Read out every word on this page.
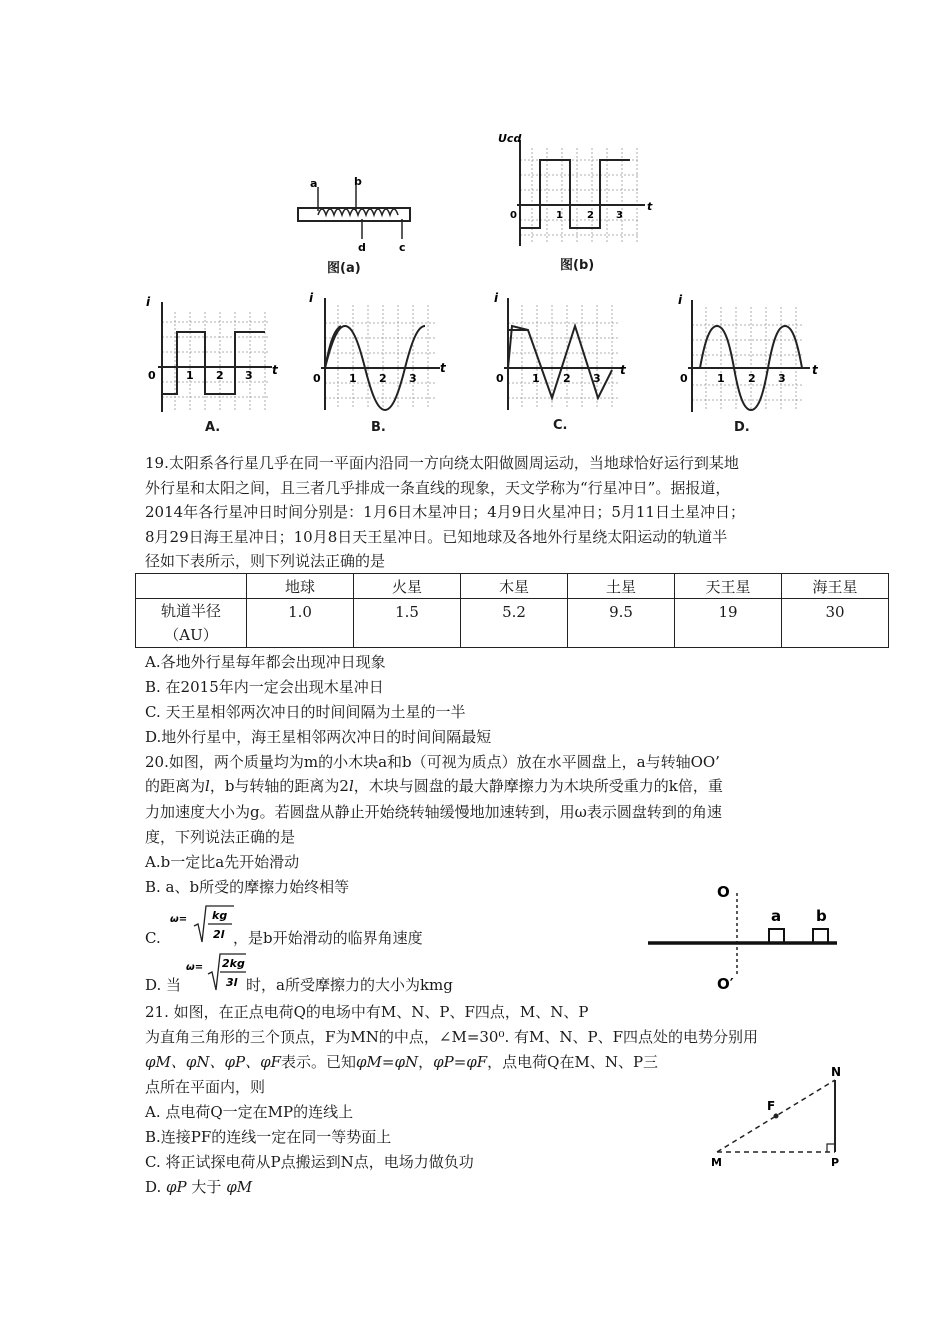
a	b
d	c
图(a)
Ucd
t
0	1 2 3
图(b)
i
t
0	1 2 3
A.
i
t
0	1 2 3
B.
i
t
0	1 2 3
C.
i
t
0	1 2 3
D.
19.太阳系各行星几乎在同一平面内沿同一方向绕太阳做圆周运动，当地球恰好运行到某地
外行星和太阳之间，且三者几乎排成一条直线的现象，天文学称为“行星冲日”。据报道，
2014年各行星冲日时间分别是：1月6日木星冲日；4月9日火星冲日；5月11日土星冲日；
8月29日海王星冲日；10月8日天王星冲日。已知地球及各地外行星绕太阳运动的轨道半
径如下表所示，则下列说法正确的是
	地球	火星	木星	土星	天王星	海王星

轨道半径
（AU）	1.0	1.5	5.2	9.5	19	30
A.各地外行星每年都会出现冲日现象
B. 在2015年内一定会出现木星冲日
C. 天王星相邻两次冲日的时间间隔为土星的一半
D.地外行星中，海王星相邻两次冲日的时间间隔最短
20.如图，两个质量均为m的小木块a和b（可视为质点）放在水平圆盘上，a与转轴OO’
的距离为l，b与转轴的距离为2l，木块与圆盘的最大静摩擦力为木块所受重力的k倍，重
力加速度大小为g。若圆盘从静止开始绕转轴缓慢地加速转到，用ω表示圆盘转到的角速
度，下列说法正确的是
A.b一定比a先开始滑动
B. a、b所受的摩擦力始终相等
C.
ω= kg
2l ，是b开始滑动的临界角速度
D. 当
ω= 2kg
3l 时，a所受摩擦力的大小为kmg
O
O′
a b
21. 如图，在正点电荷Q的电场中有M、N、P、F四点，M、N、P
为直角三角形的三个顶点，F为MN的中点，∠M=30⁰. 有M、N、P、F四点处的电势分别用
φM、φN、φP、φF表示。已知φM=φN，φP=φF，点电荷Q在M、N、P三
点所在平面内，则
A. 点电荷Q一定在MP的连线上
B.连接PF的连线一定在同一等势面上
C. 将正试探电荷从P点搬运到N点，电场力做负功
D. φP 大于 φM
N
F
M	P
